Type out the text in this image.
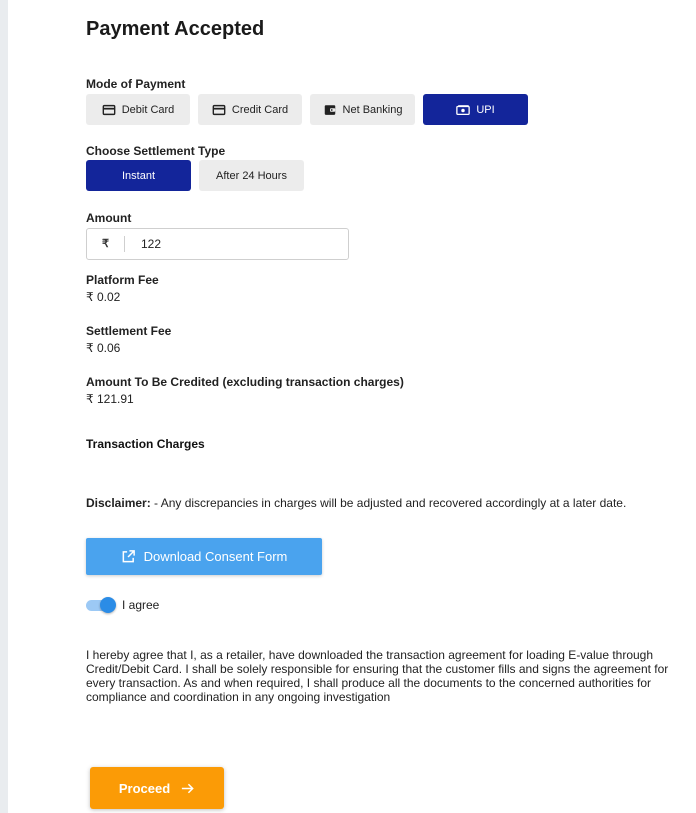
Payment Accepted
Mode of Payment
Debit Card	Credit Card	Net Banking	UPI
Choose Settlement Type
Instant	After 24 Hours
Amount
₹
122
Platform Fee
₹ 0.02
Settlement Fee
₹ 0.06
Amount To Be Credited (excluding transaction charges)
₹ 121.91
Transaction Charges
Disclaimer: - Any discrepancies in charges will be adjusted and recovered accordingly at a later date.
Download Consent Form
I agree

I hereby agree that I, as a retailer, have downloaded the transaction agreement for loading E-value through Credit/Debit Card. I shall be solely responsible for ensuring that the customer fills and signs the agreement for every transaction. As and when required, I shall produce all the documents to the concerned authorities for compliance and coordination in any ongoing investigation

Proceed
